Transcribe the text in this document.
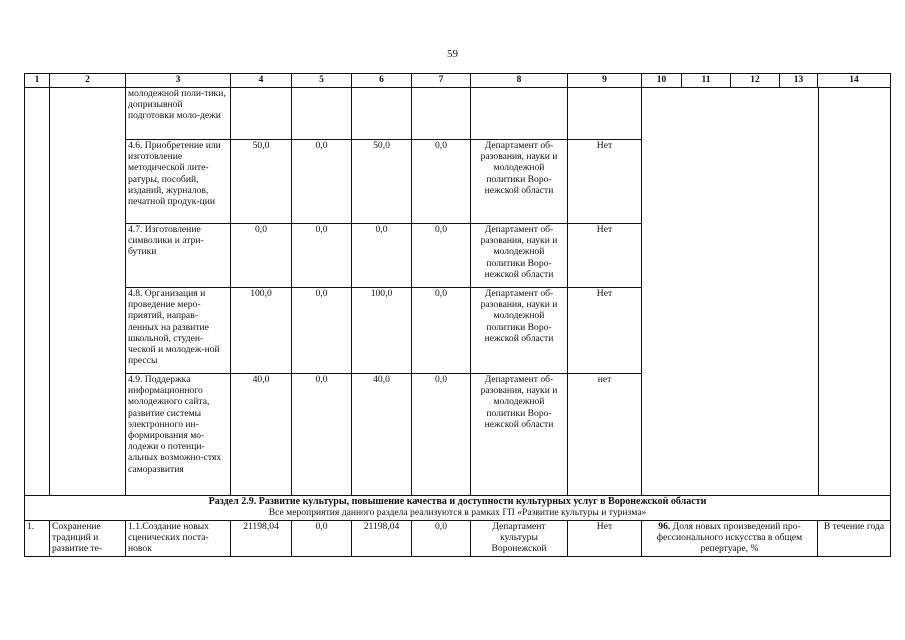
59
1	2	3	4	5	6	7	8	9	10	11	12	13	14
		молодежной поли-тики, допризывной подготовки моло-дежи											

		4.6. Приобретение или изготовление методической лите-ратуры, пособий, изданий, журналов, печатной продук-ции	50,0	0,0	50,0	0,0	Департамент об-разования, науки и молодежной политики Воро-нежской области	Нет					
		4.7. Изготовление символики и атри-бутики	0,0	0,0	0,0	0,0	Департамент об-разования, науки и молодежной политики Воро-нежской области	Нет					
		4.8. Организация и проведение меро-приятий, направ-ленных на развитие школьной, студен-ческой и молодеж-ной прессы	100,0	0,0	100,0	0,0	Департамент об-разования, науки и молодежной политики Воро-нежской области	Нет					
		4.9. Поддержка информационного молодежного сайта, развитие системы электронного ин-формирования мо-лодежи о потенци-альных возможно-стях саморазвития	40,0	0,0	40,0	0,0	Департамент об-разования, науки и молодежной политики Воро-нежской области	нет					

Раздел 2.9. Развитие культуры, повышение качества и доступности культурных услуг в Воронежской области
Все мероприятия данного раздела реализуются в рамках ГП «Развитие культуры и туризма»													

1.	Сохранение традиций и развитие те-	1.1.Создание новых сценических поста-новок	21198,04	0,0	21198,04	0,0	Департамент культуры Воронежской	Нет	96. Доля новых произведений про-фессионального искусства в общем репертуаре, %				В течение года
